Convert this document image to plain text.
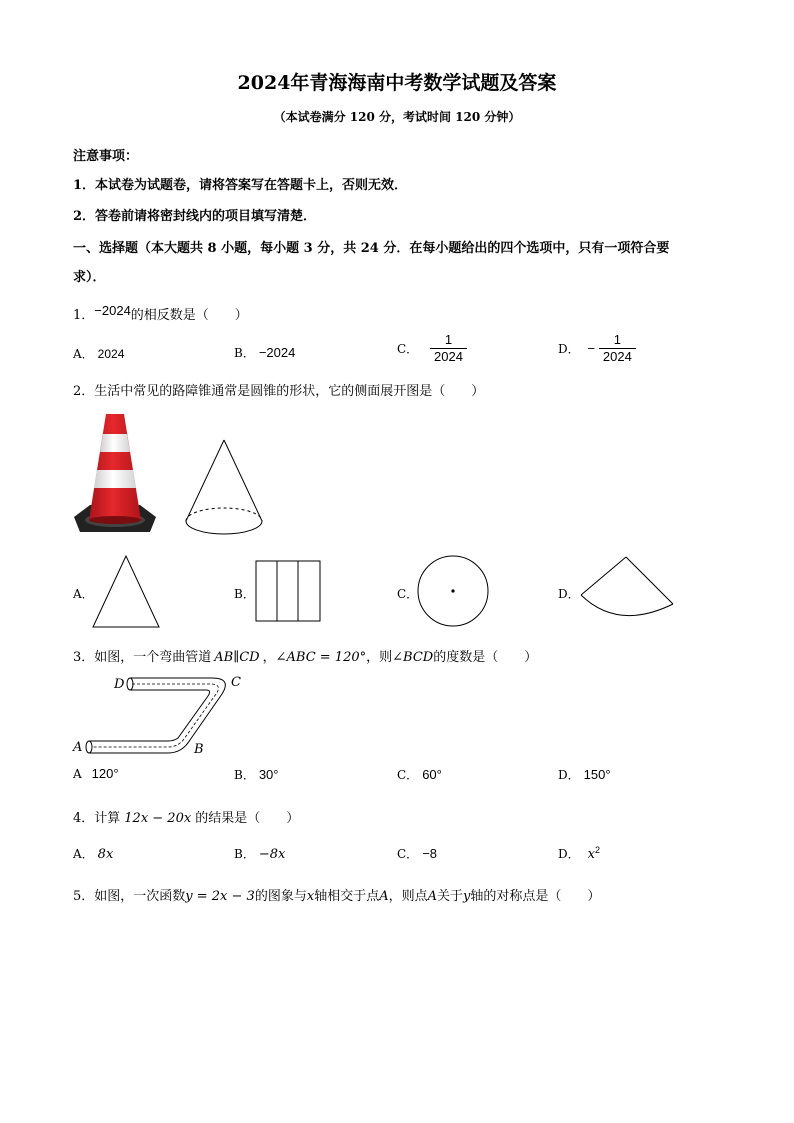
2024年青海海南中考数学试题及答案
（本试卷满分 120 分，考试时间 120 分钟）
注意事项：
1．本试卷为试题卷，请将答案写在答题卡上，否则无效．
2．答卷前请将密封线内的项目填写清楚．
一、选择题（本大题共 8 小题，每小题 3 分，共 24 分．在每小题给出的四个选项中，只有一项符合要
求）．
1．−2024的相反数是（　　）
A． 2024	B． −2024	C． $\frac{1}{2024}$	D． − $\frac{1}{2024}$
2．生活中常见的路障锥通常是圆锥的形状，它的侧面展开图是（　　）
A．	B．	C．	D．
3．如图，一个弯曲管道 AB∥CD ，∠ABC = 120°，则∠BCD的度数是（　　）
D	C
A	B
A 120°	B． 30°	C． 60°	D． 150°
4．计算 12x − 20x 的结果是（　　）
A． 8x	B． −8x	C． −8	D． $x^2$
5．如图，一次函数y = 2x − 3的图象与x轴相交于点A，则点A关于y轴的对称点是（　　）
